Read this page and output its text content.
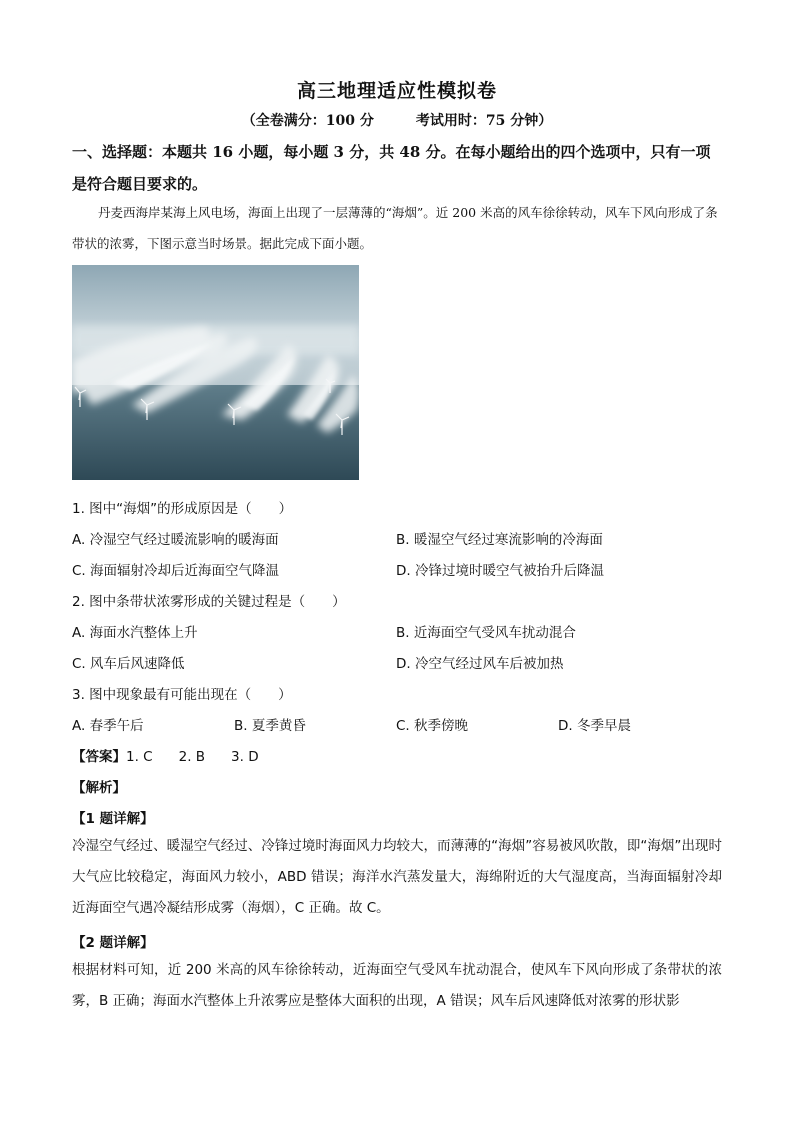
高三地理适应性模拟卷
（全卷满分：100 分	考试用时：75 分钟）
一、选择题：本题共 16 小题，每小题 3 分，共 48 分。在每小题给出的四个选项中，只有一项是符合题目要求的。
丹麦西海岸某海上风电场，海面上出现了一层薄薄的“海烟”。近 200 米高的风车徐徐转动，风车下风向形成了条带状的浓雾，下图示意当时场景。据此完成下面小题。
1. 图中“海烟”的形成原因是（　　）
A. 冷湿空气经过暖流影响的暖海面	B. 暖湿空气经过寒流影响的冷海面
C. 海面辐射冷却后近海面空气降温	D. 冷锋过境时暖空气被抬升后降温
2. 图中条带状浓雾形成的关键过程是（　　）
A. 海面水汽整体上升	B. 近海面空气受风车扰动混合
C. 风车后风速降低	D. 冷空气经过风车后被加热
3. 图中现象最有可能出现在（　　）
A. 春季午后	B. 夏季黄昏	C. 秋季傍晚	D. 冬季早晨
【答案】1. C 2. B 3. D
【解析】
【1 题详解】
冷湿空气经过、暖湿空气经过、冷锋过境时海面风力均较大，而薄薄的“海烟”容易被风吹散，即“海烟”出现时大气应比较稳定，海面风力较小，ABD 错误；海洋水汽蒸发量大，海绵附近的大气湿度高，当海面辐射冷却近海面空气遇冷凝结形成雾（海烟），C 正确。故 C。
【2 题详解】
根据材料可知，近 200 米高的风车徐徐转动，近海面空气受风车扰动混合，使风车下风向形成了条带状的浓雾，B 正确；海面水汽整体上升浓雾应是整体大面积的出现，A 错误；风车后风速降低对浓雾的形状影
